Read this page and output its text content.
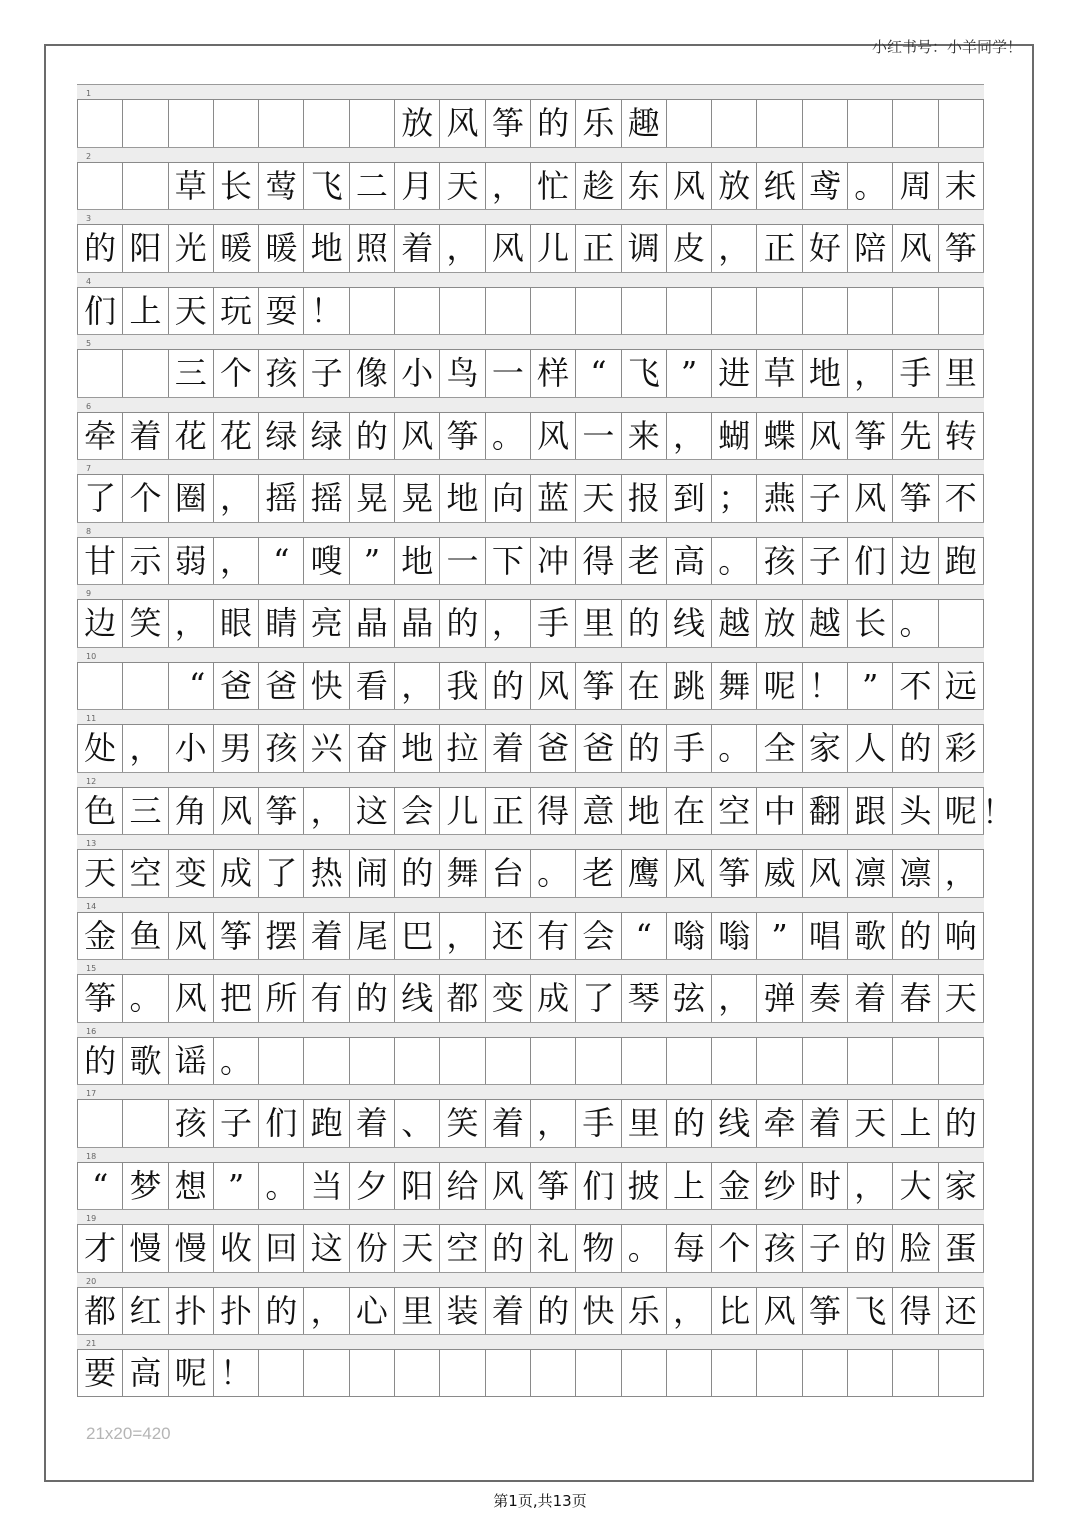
小红书号：小羊同学！
1
放 风 筝 的 乐 趣
2
草 长 莺 飞 二 月 天 ， 忙 趁 东 风 放 纸 鸢 。 周 末
3
的 阳 光 暖 暖 地 照 着 ， 风 儿 正 调 皮 ， 正 好 陪 风 筝
4
们 上 天 玩 耍 ！
5
三 个 孩 子 像 小 鸟 一 样 “ 飞 ” 进 草 地 ， 手 里
6
牵 着 花 花 绿 绿 的 风 筝 。 风 一 来 ， 蝴 蝶 风 筝 先 转
7
了 个 圈 ， 摇 摇 晃 晃 地 向 蓝 天 报 到 ； 燕 子 风 筝 不
8
甘 示 弱 ， “ 嗖 ” 地 一 下 冲 得 老 高 。 孩 子 们 边 跑
9
边 笑 ， 眼 睛 亮 晶 晶 的 ， 手 里 的 线 越 放 越 长 。
10
爸 爸 快 看 ， 我 的 风 筝 在 跳 舞 呢 ！ ” 不 远
“
11
处 ， 小 男 孩 兴 奋 地 拉 着 爸 爸 的 手 。 全 家 人 的 彩
12
色 三 角 风 筝 ， 这 会 儿 正 得 意 地 在 空 中 翻 跟 头 呢 ！
13
天 空 变 成 了 热 闹 的 舞 台 。 老 鹰 风 筝 威 风 凛 凛 ，
14
金 鱼 风 筝 摆 着 尾 巴 ， 还 有 会 “ 嗡 嗡 ” 唱 歌 的 响
15
筝 。 风 把 所 有 的 线 都 变 成 了 琴 弦 ， 弹 奏 着 春 天
16
的 歌 谣 。
17
孩 子 们 跑 着 、 笑 着 ， 手 里 的 线 牵 着 天 上 的
18
“ 梦 想 ” 。 当 夕 阳 给 风 筝 们 披 上 金 纱 时 ， 大 家
19
才 慢 慢 收 回 这 份 天 空 的 礼 物 。 每 个 孩 子 的 脸 蛋
20
都 红 扑 扑 的 ， 心 里 装 着 的 快 乐 ， 比 风 筝 飞 得 还
21
要 高 呢 ！
21x20=420
第1页,共13页
